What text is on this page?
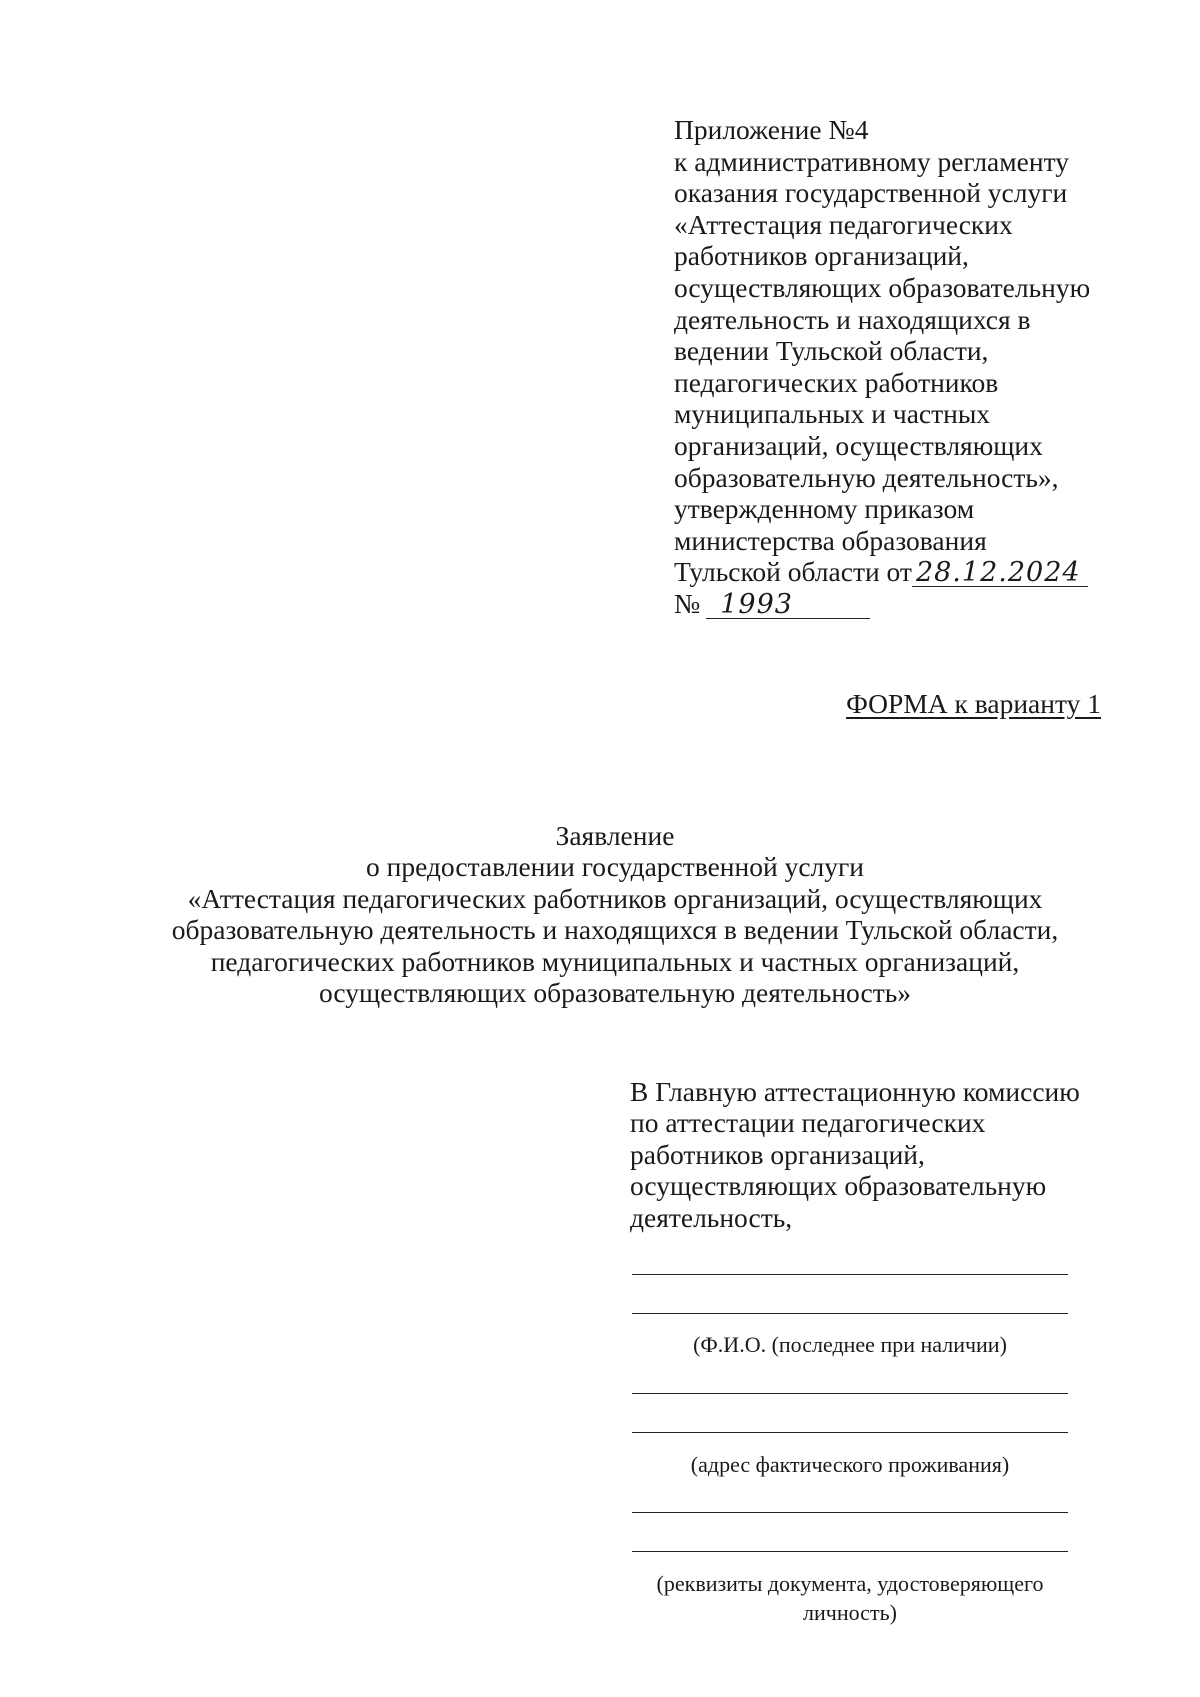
Приложение №4
к административному регламенту
оказания государственной услуги
«Аттестация педагогических
работников организаций,
осуществляющих образовательную
деятельность и находящихся в
ведении Тульской области,
педагогических работников
муниципальных и частных
организаций, осуществляющих
образовательную деятельность»,
утвержденному приказом
министерства образования
Тульской области от 28.12.2024
№ 1993
ФОРМА к варианту 1
Заявление
о предоставлении государственной услуги
«Аттестация педагогических работников организаций, осуществляющих
образовательную деятельность и находящихся в ведении Тульской области,
педагогических работников муниципальных и частных организаций,
осуществляющих образовательную деятельность»
В Главную аттестационную комиссию
по аттестации педагогических
работников организаций,
осуществляющих образовательную
деятельность,
(Ф.И.О. (последнее при наличии)
(адрес фактического проживания)
(реквизиты документа, удостоверяющего
личность)
